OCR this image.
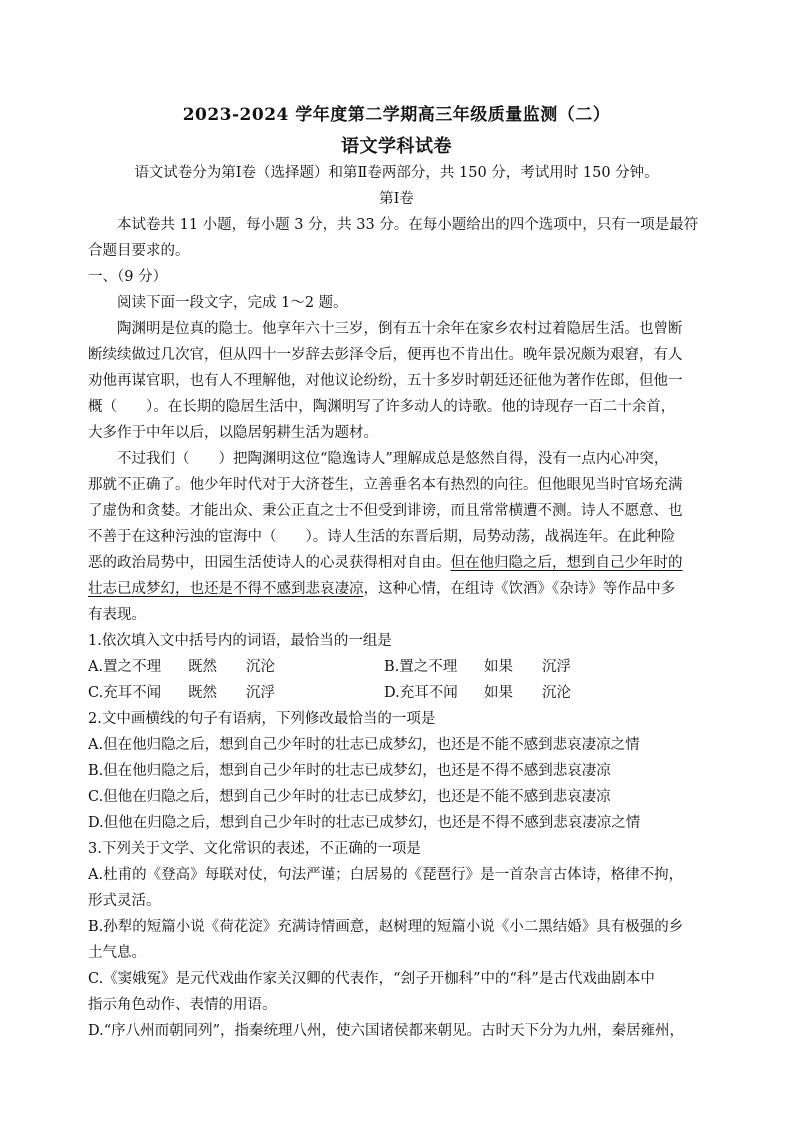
2023-2024 学年度第二学期高三年级质量监测（二）
语文学科试卷
语文试卷分为第Ⅰ卷（选择题）和第Ⅱ卷两部分，共 150 分，考试用时 150 分钟。
第Ⅰ卷
本试卷共 11 小题，每小题 3 分，共 33 分。在每小题给出的四个选项中，只有一项是最符
合题目要求的。
一、（9 分）
阅读下面一段文字，完成 1～2 题。
陶渊明是位真的隐士。他享年六十三岁，倒有五十余年在家乡农村过着隐居生活。也曾断
断续续做过几次官，但从四十一岁辞去彭泽令后，便再也不肯出仕。晚年景况颇为艰窘，有人
劝他再谋官职，也有人不理解他，对他议论纷纷，五十多岁时朝廷还征他为著作佐郎，但他一
概（　　）。在长期的隐居生活中，陶渊明写了许多动人的诗歌。他的诗现存一百二十余首，
大多作于中年以后，以隐居躬耕生活为题材。
不过我们（　　）把陶渊明这位“隐逸诗人”理解成总是悠然自得，没有一点内心冲突，
那就不正确了。他少年时代对于大济苍生，立善垂名本有热烈的向往。但他眼见当时官场充满
了虚伪和贪婪。才能出众、秉公正直之士不但受到诽谤，而且常常横遭不测。诗人不愿意、也
不善于在这种污浊的宦海中（　　）。诗人生活的东晋后期，局势动荡，战祸连年。在此种险
恶的政治局势中，田园生活使诗人的心灵获得相对自由。但在他归隐之后，想到自己少年时的
壮志已成梦幻，也还是不得不感到悲哀凄凉，这种心情，在组诗《饮酒》《杂诗》等作品中多
有表现。
1.依次填入文中括号内的词语，最恰当的一组是
A.置之不理 既然 沉沦	B.置之不理 如果 沉浮
C.充耳不闻 既然 沉浮	D.充耳不闻 如果 沉沦
2.文中画横线的句子有语病，下列修改最恰当的一项是
A.但在他归隐之后，想到自己少年时的壮志已成梦幻，也还是不能不感到悲哀凄凉之情
B.但在他归隐之后，想到自己少年时的壮志已成梦幻，也还是不得不感到悲哀凄凉
C.但他在归隐之后，想到自己少年时的壮志已成梦幻，也还是不能不感到悲哀凄凉
D.但他在归隐之后，想到自己少年时的壮志已成梦幻，也还是不得不感到悲哀凄凉之情
3.下列关于文学、文化常识的表述，不正确的一项是
A.杜甫的《登高》每联对仗，句法严谨；白居易的《琵琶行》是一首杂言古体诗，格律不拘，
形式灵活。
B.孙犁的短篇小说《荷花淀》充满诗情画意，赵树理的短篇小说《小二黑结婚》具有极强的乡
土气息。
C.《窦娥冤》是元代戏曲作家关汉卿的代表作，“刽子开枷科”中的“科”是古代戏曲剧本中
指示角色动作、表情的用语。
D.“序八州而朝同列”，指秦统理八州，使六国诸侯都来朝见。古时天下分为九州，秦居雍州，
